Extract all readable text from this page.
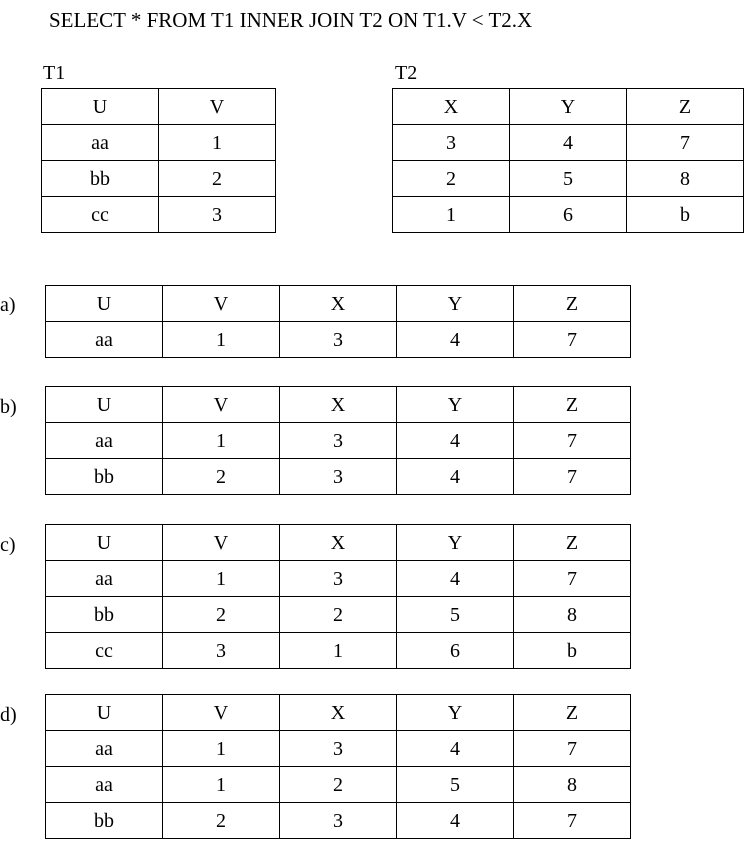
SELECT * FROM T1 INNER JOIN T2 ON T1.V < T2.X
T1
U	V
aa	1
bb	2
cc	3
T2
X	Y	Z
3	4	7
2	5	8
1	6	b
a)	U	V	X	Y	Z
aa	1	3	4	7
b)	U	V	X	Y	Z
aa	1	3	4	7
bb	2	3	4	7
c)	U	V	X	Y	Z
aa	1	3	4	7
bb	2	2	5	8
cc	3	1	6	b
d)	U	V	X	Y	Z
aa	1	3	4	7
aa	1	2	5	8
bb	2	3	4	7
